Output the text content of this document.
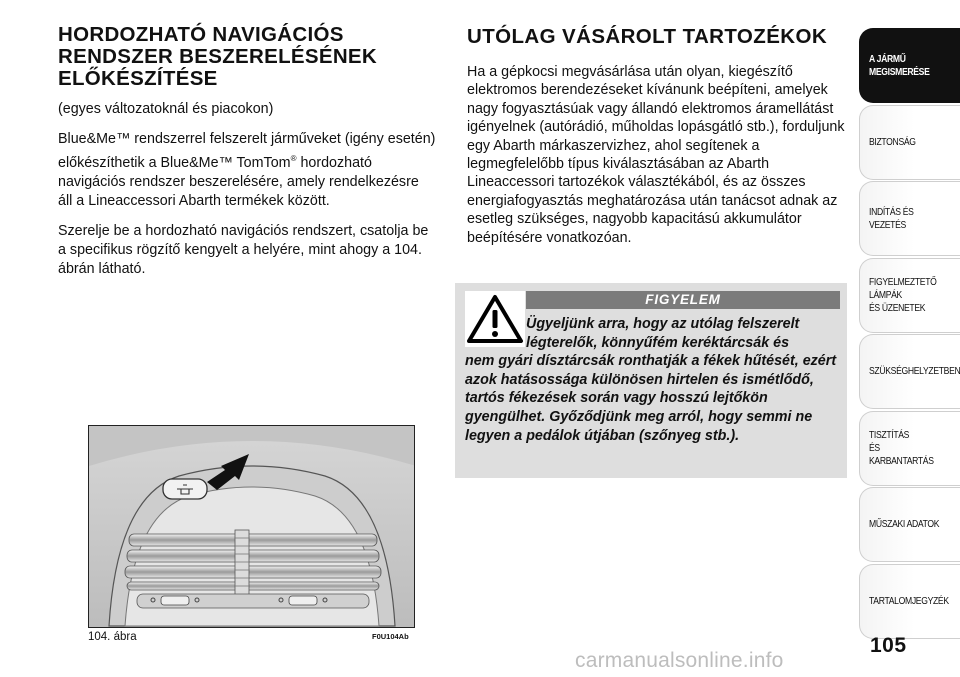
HORDOZHATÓ NAVIGÁCIÓS RENDSZER BESZERELÉSÉNEK ELŐKÉSZÍTÉSE
(egyes változatoknál és piacokon)

Blue&Me™ rendszerrel felszerelt járműveket (igény esetén) előkészíthetik a Blue&Me™ TomTom® hordozható navigációs rendszer beszerelésére, amely rendelkezésre áll a Lineaccessori Abarth termékek között.

Szerelje be a hordozható navigációs rendszert, csatolja be a specifikus rögzítő kengyelt a helyére, mint ahogy a 104. ábrán látható.

UTÓLAG VÁSÁROLT TARTOZÉKOK

Ha a gépkocsi megvásárlása után olyan, kiegészítő elektromos berendezéseket kívánunk beépíteni, amelyek nagy fogyasztásúak vagy állandó elektromos áramellátást igényelnek (autórádió, műholdas lopásgátló stb.), forduljunk egy Abarth márkaszervizhez, ahol segítenek a legmegfelelőbb típus kiválasztásában az Abarth Lineaccessori tartozékok választékából, és az összes energiafogyasztás meghatározása után tanácsot adnak az esetleg szükséges, nagyobb kapacitású akkumulátor beépítésére vonatkozóan.

FIGYELEM
Ügyeljünk arra, hogy az utólag felszerelt légterelők, könnyűfém keréktárcsák és
nem gyári dísztárcsák ronthatják a fékek hűtését, ezért azok hatásossága különösen hirtelen és ismétlődő, tartós fékezések során vagy hosszú lejtőkön gyengülhet. Győződjünk meg arról, hogy semmi ne legyen a pedálok útjában (szőnyeg stb.).
104. ábra	F0U104Ab
A JÁRMŰ
MEGISMERÉSE
BIZTONSÁG
INDÍTÁS ÉS VEZETÉS
FIGYELMEZTETŐ
LÁMPÁK
ÉS ÜZENETEK
SZÜKSÉGHELYZETBEN
TISZTÍTÁS
ÉS KARBANTARTÁS
MŰSZAKI ADATOK
TARTALOMJEGYZÉK
105
carmanualsonline.info
